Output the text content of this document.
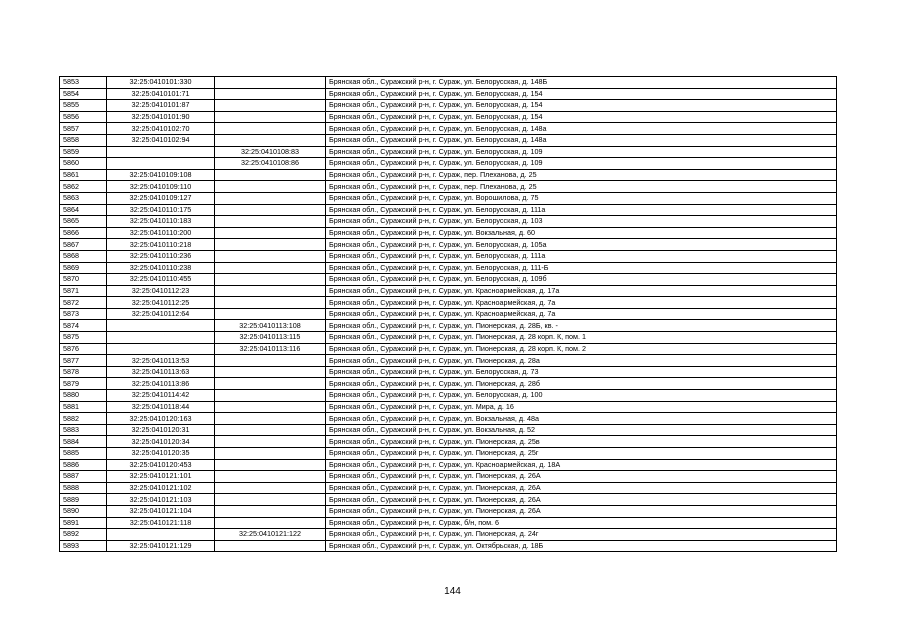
5853	32:25:0410101:330		Брянская обл., Суражский р-н, г. Сураж, ул. Белорусская, д. 148Б
5854	32:25:0410101:71		Брянская обл., Суражский р-н, г. Сураж, ул. Белорусская, д. 154
5855	32:25:0410101:87		Брянская обл., Суражский р-н, г. Сураж, ул. Белорусская, д. 154
5856	32:25:0410101:90		Брянская обл., Суражский р-н, г. Сураж, ул. Белорусская, д. 154
5857	32:25:0410102:70		Брянская обл., Суражский р-н, г. Сураж, ул. Белорусская, д. 148а
5858	32:25:0410102:94		Брянская обл., Суражский р-н, г. Сураж, ул. Белорусская, д. 148а
5859		32:25:0410108:83	Брянская обл., Суражский р-н, г. Сураж, ул. Белорусская, д. 109
5860		32:25:0410108:86	Брянская обл., Суражский р-н, г. Сураж, ул. Белорусская, д. 109
5861	32:25:0410109:108		Брянская обл., Суражский р-н, г. Сураж, пер. Плеханова, д. 25
5862	32:25:0410109:110		Брянская обл., Суражский р-н, г. Сураж, пер. Плеханова, д. 25
5863	32:25:0410109:127		Брянская обл., Суражский р-н, г. Сураж, ул. Ворошилова, д. 75
5864	32:25:0410110:175		Брянская обл., Суражский р-н, г. Сураж, ул. Белорусская, д. 111а
5865	32:25:0410110:183		Брянская обл., Суражский р-н, г. Сураж, ул. Белорусская, д. 103
5866	32:25:0410110:200		Брянская обл., Суражский р-н, г. Сураж, ул. Вокзальная, д. 60
5867	32:25:0410110:218		Брянская обл., Суражский р-н, г. Сураж, ул. Белорусская, д. 105а
5868	32:25:0410110:236		Брянская обл., Суражский р-н, г. Сураж, ул. Белорусская, д. 111а
5869	32:25:0410110:238		Брянская обл., Суражский р-н, г. Сураж, ул. Белорусская, д. 111-Б
5870	32:25:0410110:455		Брянская обл., Суражский р-н, г. Сураж, ул. Белорусская, д. 109б
5871	32:25:0410112:23		Брянская обл., Суражский р-н, г. Сураж, ул. Красноармейская, д. 17а
5872	32:25:0410112:25		Брянская обл., Суражский р-н, г. Сураж, ул. Красноармейская, д. 7а
5873	32:25:0410112:64		Брянская обл., Суражский р-н, г. Сураж, ул. Красноармейская, д. 7а
5874		32:25:0410113:108	Брянская обл., Суражский р-н, г. Сураж, ул. Пионерская, д. 28Б, кв. -
5875		32:25:0410113:115	Брянская обл., Суражский р-н, г. Сураж, ул. Пионерская, д. 28 корп. К, пом. 1
5876		32:25:0410113:116	Брянская обл., Суражский р-н, г. Сураж, ул. Пионерская, д. 28 корп. К, пом. 2
5877	32:25:0410113:53		Брянская обл., Суражский р-н, г. Сураж, ул. Пионерская, д. 28а
5878	32:25:0410113:63		Брянская обл., Суражский р-н, г. Сураж, ул. Белорусская, д. 73
5879	32:25:0410113:86		Брянская обл., Суражский р-н, г. Сураж, ул. Пионерская, д. 28б
5880	32:25:0410114:42		Брянская обл., Суражский р-н, г. Сураж, ул. Белорусская, д. 100
5881	32:25:0410118:44		Брянская обл., Суражский р-н, г. Сураж, ул. Мира, д. 16
5882	32:25:0410120:163		Брянская обл., Суражский р-н, г. Сураж, ул. Вокзальная, д. 48а
5883	32:25:0410120:31		Брянская обл., Суражский р-н, г. Сураж, ул. Вокзальная, д. 52
5884	32:25:0410120:34		Брянская обл., Суражский р-н, г. Сураж, ул. Пионерская, д. 25в
5885	32:25:0410120:35		Брянская обл., Суражский р-н, г. Сураж, ул. Пионерская, д. 25г
5886	32:25:0410120:453		Брянская обл., Суражский р-н, г. Сураж, ул. Красноармейская, д. 18А
5887	32:25:0410121:101		Брянская обл., Суражский р-н, г. Сураж, ул. Пионерская, д. 26А
5888	32:25:0410121:102		Брянская обл., Суражский р-н, г. Сураж, ул. Пионерская, д. 26А
5889	32:25:0410121:103		Брянская обл., Суражский р-н, г. Сураж, ул. Пионерская, д. 26А
5890	32:25:0410121:104		Брянская обл., Суражский р-н, г. Сураж, ул. Пионерская, д. 26А
5891	32:25:0410121:118		Брянская обл., Суражский р-н, г. Сураж, б/н, пом. 6
5892		32:25:0410121:122	Брянская обл., Суражский р-н, г. Сураж, ул. Пионерская, д. 24г
5893	32:25:0410121:129		Брянская обл., Суражский р-н, г. Сураж, ул. Октябрьская, д. 18Б
144
